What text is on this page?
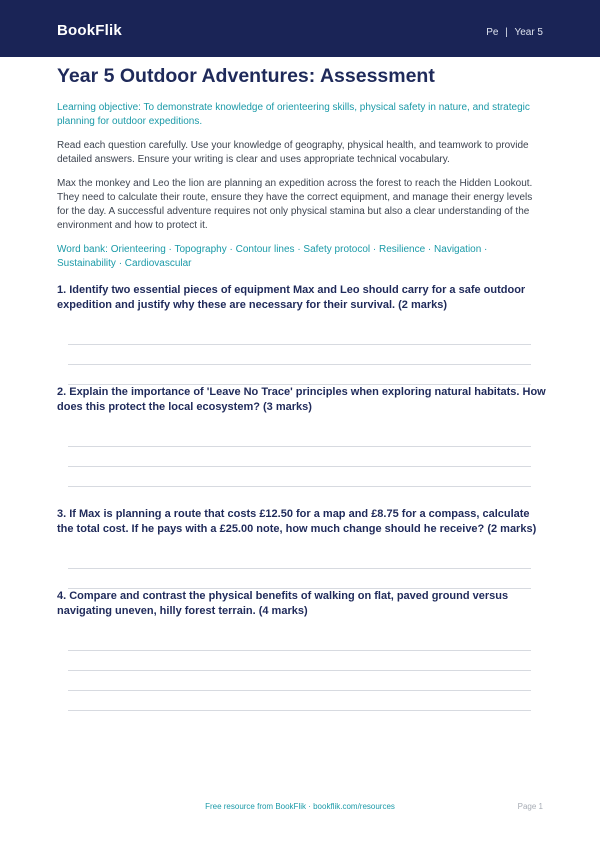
BookFlik	Pe | Year 5
Year 5 Outdoor Adventures: Assessment
Learning objective: To demonstrate knowledge of orienteering skills, physical safety in nature, and strategic planning for outdoor expeditions.
Read each question carefully. Use your knowledge of geography, physical health, and teamwork to provide detailed answers. Ensure your writing is clear and uses appropriate technical vocabulary.
Max the monkey and Leo the lion are planning an expedition across the forest to reach the Hidden Lookout. They need to calculate their route, ensure they have the correct equipment, and manage their energy levels for the day. A successful adventure requires not only physical stamina but also a clear understanding of the environment and how to protect it.
Word bank: Orienteering · Topography · Contour lines · Safety protocol · Resilience · Navigation · Sustainability · Cardiovascular
1. Identify two essential pieces of equipment Max and Leo should carry for a safe outdoor expedition and justify why these are necessary for their survival. (2 marks)
2. Explain the importance of 'Leave No Trace' principles when exploring natural habitats. How does this protect the local ecosystem? (3 marks)
3. If Max is planning a route that costs £12.50 for a map and £8.75 for a compass, calculate the total cost. If he pays with a £25.00 note, how much change should he receive? (2 marks)
4. Compare and contrast the physical benefits of walking on flat, paved ground versus navigating uneven, hilly forest terrain. (4 marks)
Free resource from BookFlik · bookflik.com/resources	Page 1
